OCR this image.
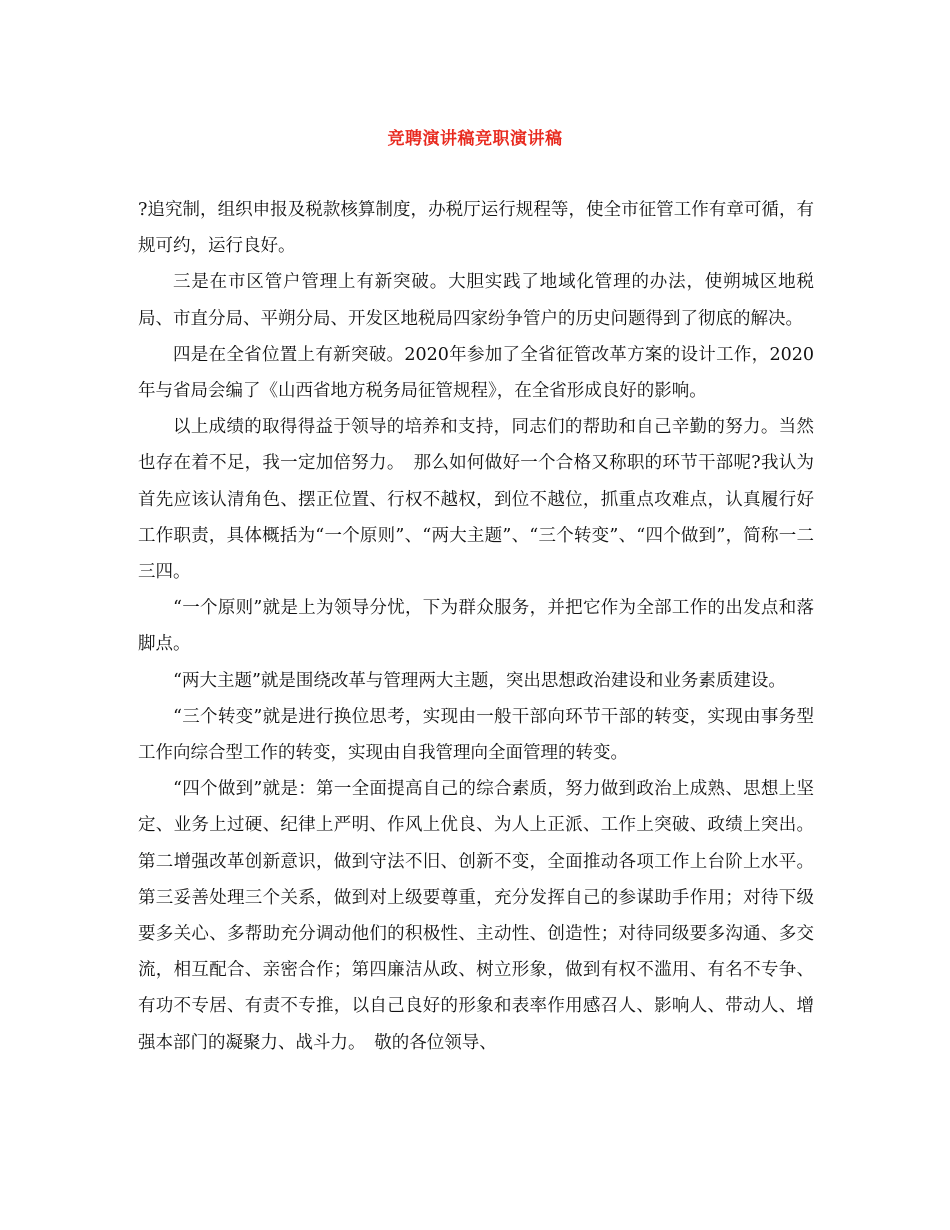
竞聘演讲稿竞职演讲稿

?追究制，组织申报及税款核算制度，办税厅运行规程等，使全市征管工作有章可循，有规可约，运行良好。

三是在市区管户管理上有新突破。大胆实践了地域化管理的办法，使朔城区地税局、市直分局、平朔分局、开发区地税局四家纷争管户的历史问题得到了彻底的解决。

四是在全省位置上有新突破。2020年参加了全省征管改革方案的设计工作，2020年与省局会编了《山西省地方税务局征管规程》，在全省形成良好的影响。

以上成绩的取得得益于领导的培养和支持，同志们的帮助和自己辛勤的努力。当然也存在着不足，我一定加倍努力。　那么如何做好一个合格又称职的环节干部呢?我认为首先应该认清角色、摆正位置、行权不越权，到位不越位，抓重点攻难点，认真履行好工作职责，具体概括为“一个原则”、“两大主题”、“三个转变”、“四个做到”，简称一二三四。

“一个原则”就是上为领导分忧，下为群众服务，并把它作为全部工作的出发点和落脚点。

“两大主题”就是围绕改革与管理两大主题，突出思想政治建设和业务素质建设。

“三个转变”就是进行换位思考，实现由一般干部向环节干部的转变，实现由事务型工作向综合型工作的转变，实现由自我管理向全面管理的转变。

“四个做到”就是：第一全面提高自己的综合素质，努力做到政治上成熟、思想上坚定、业务上过硬、纪律上严明、作风上优良、为人上正派、工作上突破、政绩上突出。第二增强改革创新意识，做到守法不旧、创新不变，全面推动各项工作上台阶上水平。第三妥善处理三个关系，做到对上级要尊重，充分发挥自己的参谋助手作用；对待下级要多关心、多帮助充分调动他们的积极性、主动性、创造性；对待同级要多沟通、多交流，相互配合、亲密合作；第四廉洁从政、树立形象，做到有权不滥用、有名不专争、有功不专居、有责不专推，以自己良好的形象和表率作用感召人、影响人、带动人、增强本部门的凝聚力、战斗力。　敬的各位领导、
